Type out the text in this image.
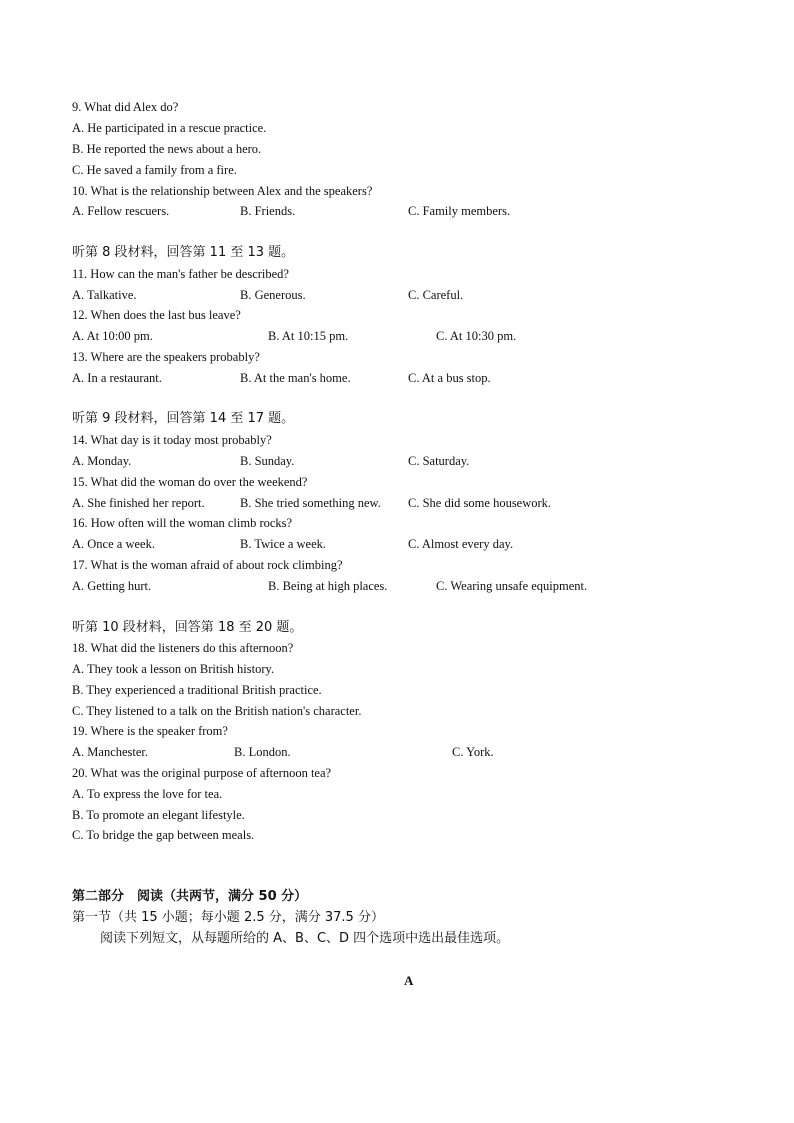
9. What did Alex do?
A. He participated in a rescue practice.
B. He reported the news about a hero.
C. He saved a family from a fire.
10. What is the relationship between Alex and the speakers?
A. Fellow rescuers.	B. Friends.	C. Family members.
听第 8 段材料，回答第 11 至 13 题。
11. How can the man's father be described?
A. Talkative.	B. Generous.	C. Careful.
12. When does the last bus leave?
A. At 10:00 pm.	B. At 10:15 pm.	C. At 10:30 pm.
13. Where are the speakers probably?
A. In a restaurant.	B. At the man's home.	C. At a bus stop.
听第 9 段材料，回答第 14 至 17 题。
14. What day is it today most probably?
A. Monday.	B. Sunday.	C. Saturday.
15. What did the woman do over the weekend?
A. She finished her report.	B. She tried something new. C. She did some housework.
16. How often will the woman climb rocks?
A. Once a week.	B. Twice a week.	C. Almost every day.
17. What is the woman afraid of about rock climbing?
A. Getting hurt.	B. Being at high places.	C. Wearing unsafe equipment.
听第 10 段材料，回答第 18 至 20 题。
18. What did the listeners do this afternoon?
A. They took a lesson on British history.
B. They experienced a traditional British practice.
C. They listened to a talk on the British nation's character.
19. Where is the speaker from?
A. Manchester.	B. London.	C. York.
20. What was the original purpose of afternoon tea?
A. To express the love for tea.
B. To promote an elegant lifestyle.
C. To bridge the gap between meals.
第二部分　阅读（共两节，满分 50 分）
第一节（共 15 小题；每小题 2.5 分，满分 37.5 分）
阅读下列短文，从每题所给的 A、B、C、D 四个选项中选出最佳选项。
A
